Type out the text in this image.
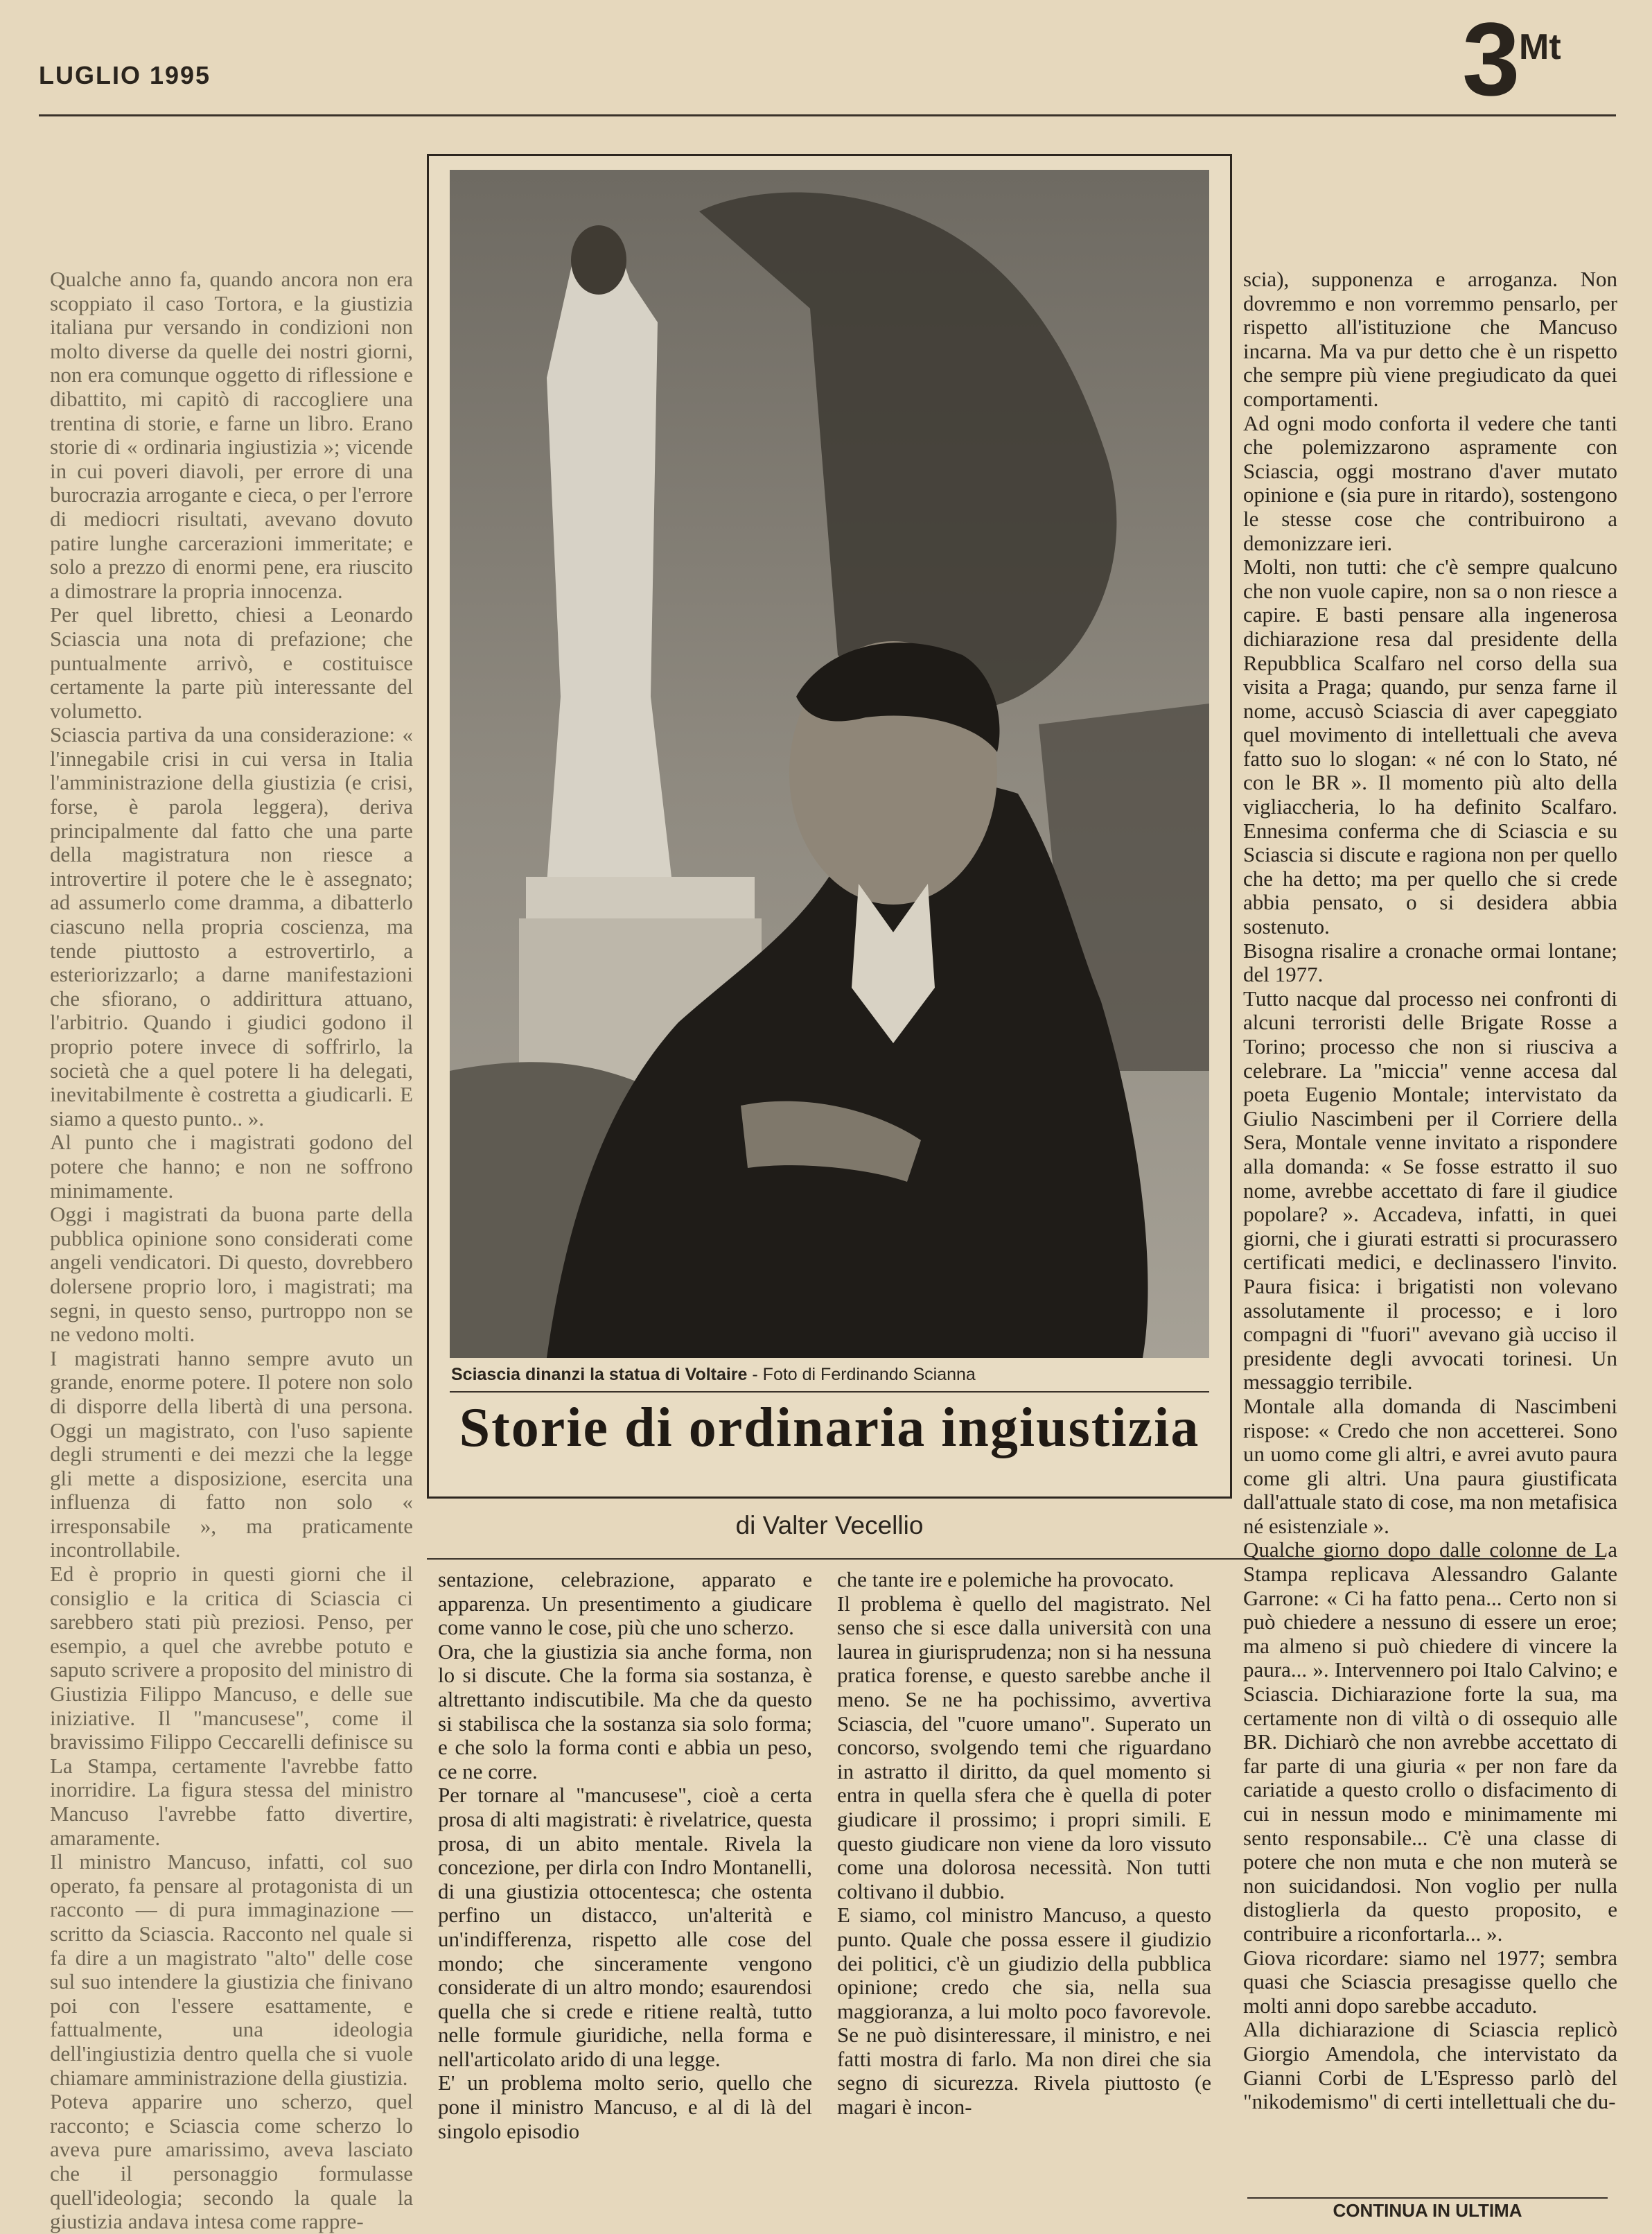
LUGLIO 1995	3
Mt
Qualche anno fa, quando ancora non era scoppiato il caso Tortora, e la giustizia italiana pur versando in condizioni non molto diverse da quelle dei nostri giorni, non era comunque oggetto di riflessione e dibattito, mi capitò di raccogliere una trentina di storie, e farne un libro. Erano storie di « ordinaria ingiustizia »; vicende in cui poveri diavoli, per errore di una burocrazia arrogante e cieca, o per l'errore di mediocri risultati, avevano dovuto patire lunghe carcerazioni immeritate; e solo a prezzo di enormi pene, era riuscito a dimostrare la propria innocenza.
Per quel libretto, chiesi a Leonardo Sciascia una nota di prefazione; che puntualmente arrivò, e costituisce certamente la parte più interessante del volumetto.
Sciascia partiva da una considerazione: « l'innegabile crisi in cui versa in Italia l'amministrazione della giustizia (e crisi, forse, è parola leggera), deriva principalmente dal fatto che una parte della magistratura non riesce a introvertire il potere che le è assegnato; ad assumerlo come dramma, a dibatterlo ciascuno nella propria coscienza, ma tende piuttosto a estrovertirlo, a esteriorizzarlo; a darne manifestazioni che sfiorano, o addirittura attuano, l'arbitrio. Quando i giudici godono il proprio potere invece di soffrirlo, la società che a quel potere li ha delegati, inevitabilmente è costretta a giudicarli. E siamo a questo punto.. ».
Al punto che i magistrati godono del potere che hanno; e non ne soffrono minimamente.
Oggi i magistrati da buona parte della pubblica opinione sono considerati come angeli vendicatori. Di questo, dovrebbero dolersene proprio loro, i magistrati; ma segni, in questo senso, purtroppo non se ne vedono molti.
I magistrati hanno sempre avuto un grande, enorme potere. Il potere non solo di disporre della libertà di una persona. Oggi un magistrato, con l'uso sapiente degli strumenti e dei mezzi che la legge gli mette a disposizione, esercita una influenza di fatto non solo « irresponsabile », ma praticamente incontrollabile.
Ed è proprio in questi giorni che il consiglio e la critica di Sciascia ci sarebbero stati più preziosi. Penso, per esempio, a quel che avrebbe potuto e saputo scrivere a proposito del ministro di Giustizia Filippo Mancuso, e delle sue iniziative. Il "mancusese", come il bravissimo Filippo Ceccarelli definisce su La Stampa, certamente l'avrebbe fatto inorridire. La figura stessa del ministro Mancuso l'avrebbe fatto divertire, amaramente.
Il ministro Mancuso, infatti, col suo operato, fa pensare al protagonista di un racconto — di pura immaginazione — scritto da Sciascia. Racconto nel quale si fa dire a un magistrato "alto" delle cose sul suo intendere la giustizia che finivano poi con l'essere esattamente, e fattualmente, una ideologia dell'ingiustizia dentro quella che si vuole chiamare amministrazione della giustizia.
Poteva apparire uno scherzo, quel racconto; e Sciascia come scherzo lo aveva pure amarissimo, aveva lasciato che il personaggio formulasse quell'ideologia; secondo la quale la giustizia andava intesa come rappre-
Sciascia dinanzi la statua di Voltaire - Foto di Ferdinando Scianna
Storie di ordinaria ingiustizia
di Valter Vecellio
sentazione, celebrazione, apparato e apparenza. Un presentimento a giudicare come vanno le cose, più che uno scherzo.
Ora, che la giustizia sia anche forma, non lo si discute. Che la forma sia sostanza, è altrettanto indiscutibile. Ma che da questo si stabilisca che la sostanza sia solo forma; e che solo la forma conti e abbia un peso, ce ne corre.
Per tornare al "mancusese", cioè a certa prosa di alti magistrati: è rivelatrice, questa prosa, di un abito mentale. Rivela la concezione, per dirla con Indro Montanelli, di una giustizia ottocentesca; che ostenta perfino un distacco, un'alterità e un'indifferenza, rispetto alle cose del mondo; che sinceramente vengono considerate di un altro mondo; esaurendosi quella che si crede e ritiene realtà, tutto nelle formule giuridiche, nella forma e nell'articolato arido di una legge.
E' un problema molto serio, quello che pone il ministro Mancuso, e al di là del singolo episodio
che tante ire e polemiche ha provocato.
Il problema è quello del magistrato. Nel senso che si esce dalla università con una laurea in giurisprudenza; non si ha nessuna pratica forense, e questo sarebbe anche il meno. Se ne ha pochissimo, avvertiva Sciascia, del "cuore umano". Superato un concorso, svolgendo temi che riguardano in astratto il diritto, da quel momento si entra in quella sfera che è quella di poter giudicare il prossimo; i propri simili. E questo giudicare non viene da loro vissuto come una dolorosa necessità. Non tutti coltivano il dubbio.
E siamo, col ministro Mancuso, a questo punto. Quale che possa essere il giudizio dei politici, c'è un giudizio della pubblica opinione; credo che sia, nella sua maggioranza, a lui molto poco favorevole. Se ne può disinteressare, il ministro, e nei fatti mostra di farlo. Ma non direi che sia segno di sicurezza. Rivela piuttosto (e magari è incon-
scia), supponenza e arroganza. Non dovremmo e non vorremmo pensarlo, per rispetto all'istituzione che Mancuso incarna. Ma va pur detto che è un rispetto che sempre più viene pregiudicato da quei comportamenti.
Ad ogni modo conforta il vedere che tanti che polemizzarono aspramente con Sciascia, oggi mostrano d'aver mutato opinione e (sia pure in ritardo), sostengono le stesse cose che contribuirono a demonizzare ieri.
Molti, non tutti: che c'è sempre qualcuno che non vuole capire, non sa o non riesce a capire. E basti pensare alla ingenerosa dichiarazione resa dal presidente della Repubblica Scalfaro nel corso della sua visita a Praga; quando, pur senza farne il nome, accusò Sciascia di aver capeggiato quel movimento di intellettuali che aveva fatto suo lo slogan: « né con lo Stato, né con le BR ». Il momento più alto della vigliaccheria, lo ha definito Scalfaro. Ennesima conferma che di Sciascia e su Sciascia si discute e ragiona non per quello che ha detto; ma per quello che si crede abbia pensato, o si desidera abbia sostenuto.
Bisogna risalire a cronache ormai lontane; del 1977.
Tutto nacque dal processo nei confronti di alcuni terroristi delle Brigate Rosse a Torino; processo che non si riusciva a celebrare. La "miccia" venne accesa dal poeta Eugenio Montale; intervistato da Giulio Nascimbeni per il Corriere della Sera, Montale venne invitato a rispondere alla domanda: « Se fosse estratto il suo nome, avrebbe accettato di fare il giudice popolare? ». Accadeva, infatti, in quei giorni, che i giurati estratti si procurassero certificati medici, e declinassero l'invito. Paura fisica: i brigatisti non volevano assolutamente il processo; e i loro compagni di "fuori" avevano già ucciso il presidente degli avvocati torinesi. Un messaggio terribile.
Montale alla domanda di Nascimbeni rispose: « Credo che non accetterei. Sono un uomo come gli altri, e avrei avuto paura come gli altri. Una paura giustificata dall'attuale stato di cose, ma non metafisica né esistenziale ».
Qualche giorno dopo dalle colonne de La Stampa replicava Alessandro Galante Garrone: « Ci ha fatto pena... Certo non si può chiedere a nessuno di essere un eroe; ma almeno si può chiedere di vincere la paura... ». Intervennero poi Italo Calvino; e Sciascia. Dichiarazione forte la sua, ma certamente non di viltà o di ossequio alle BR. Dichiarò che non avrebbe accettato di far parte di una giuria « per non fare da cariatide a questo crollo o disfacimento di cui in nessun modo e minimamente mi sento responsabile... C'è una classe di potere che non muta e che non muterà se non suicidandosi. Non voglio per nulla distoglierla da questo proposito, e contribuire a riconfortarla... ».
Giova ricordare: siamo nel 1977; sembra quasi che Sciascia presagisse quello che molti anni dopo sarebbe accaduto.
Alla dichiarazione di Sciascia replicò Giorgio Amendola, che intervistato da Gianni Corbi de L'Espresso parlò del "nikodemismo" di certi intellettuali che du-
CONTINUA IN ULTIMA
